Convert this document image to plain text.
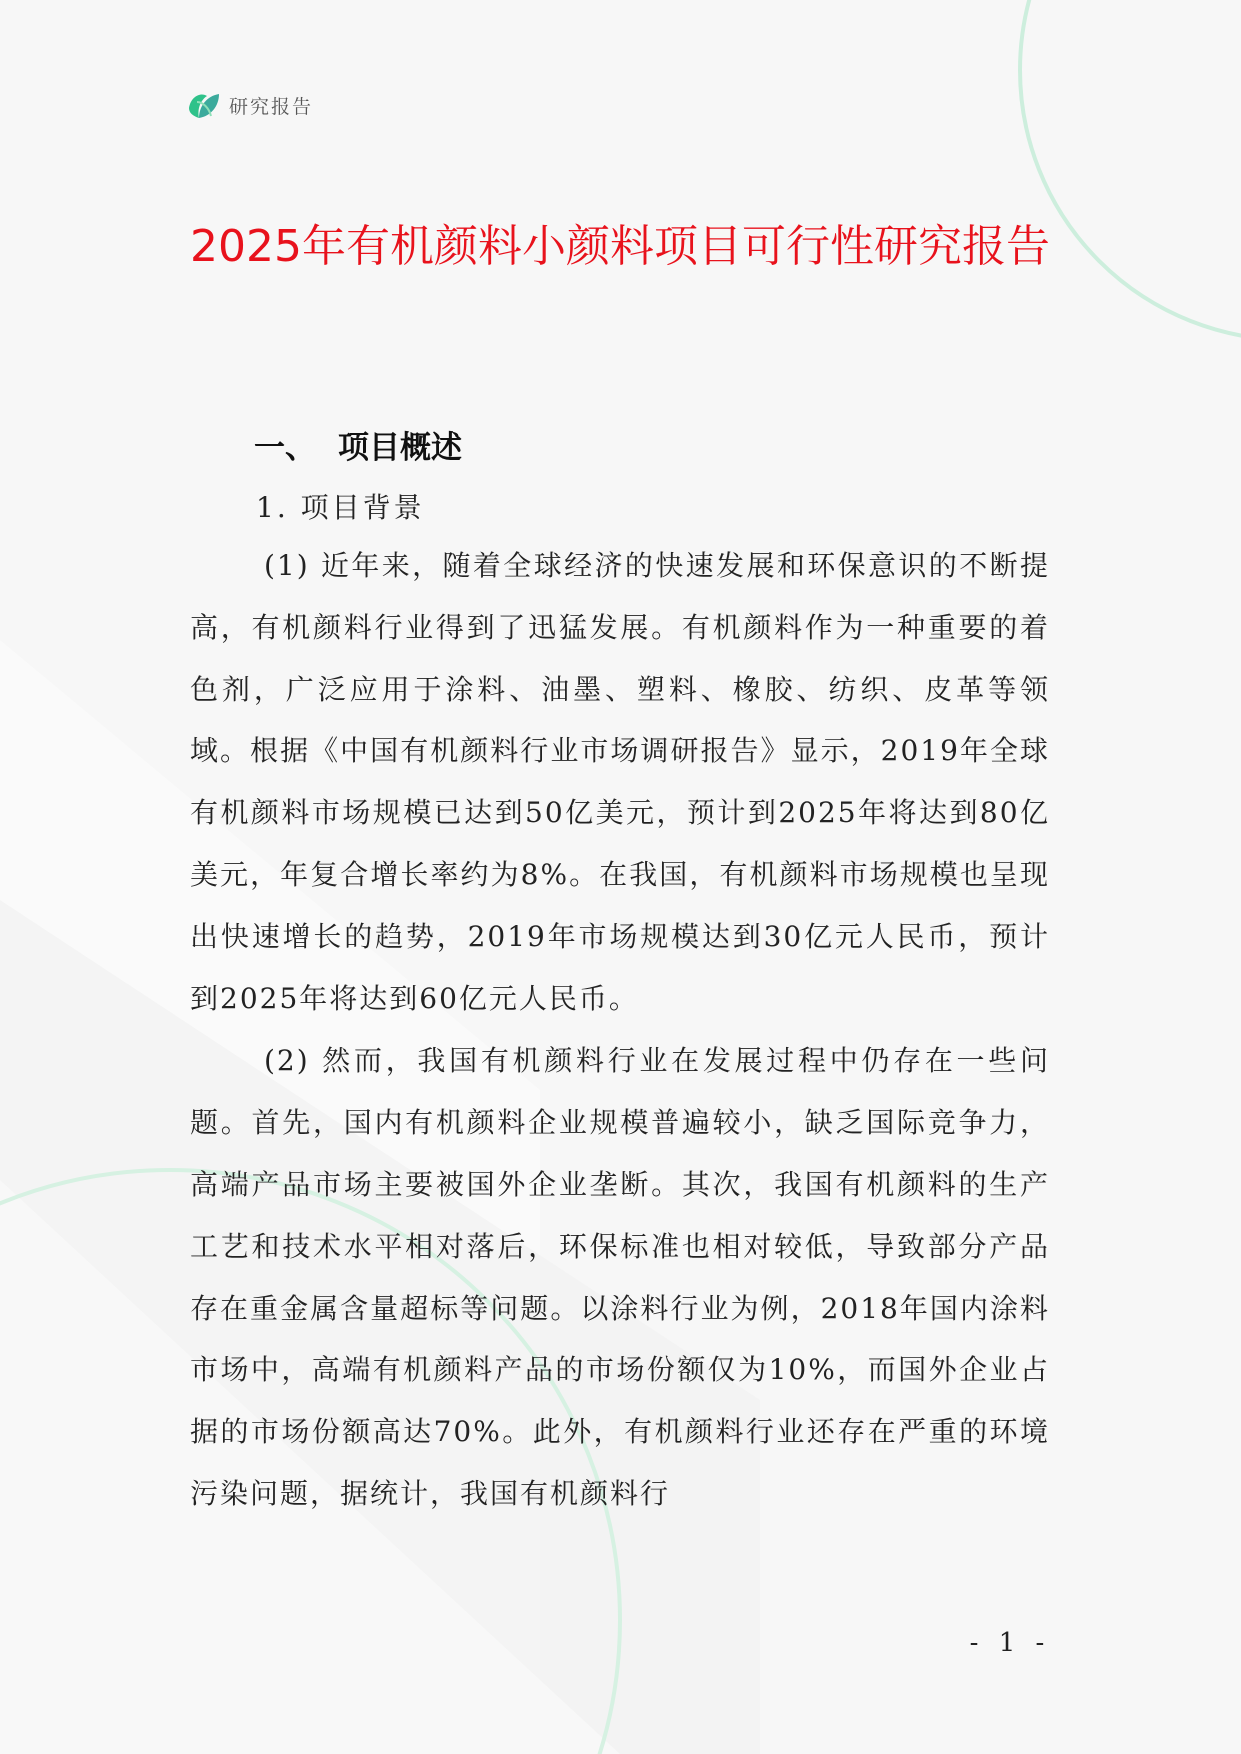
研究报告
2025年有机颜料小颜料项目可行性研究报告
一、 项目概述
1. 项目背景

(1) 近年来，随着全球经济的快速发展和环保意识的不断提高，有机颜料行业得到了迅猛发展。有机颜料作为一种重要的着色剂，广泛应用于涂料、油墨、塑料、橡胶、纺织、皮革等领域。根据《中国有机颜料行业市场调研报告》显示，2019年全球有机颜料市场规模已达到50亿美元，预计到2025年将达到80亿美元，年复合增长率约为8%。在我国，有机颜料市场规模也呈现出快速增长的趋势，2019年市场规模达到30亿元人民币，预计到2025年将达到60亿元人民币。

(2) 然而，我国有机颜料行业在发展过程中仍存在一些问题。首先，国内有机颜料企业规模普遍较小，缺乏国际竞争力，高端产品市场主要被国外企业垄断。其次，我国有机颜料的生产工艺和技术水平相对落后，环保标准也相对较低，导致部分产品存在重金属含量超标等问题。以涂料行业为例，2018年国内涂料市场中，高端有机颜料产品的市场份额仅为10%，而国外企业占据的市场份额高达70%。此外，有机颜料行业还存在严重的环境污染问题，据统计，我国有机颜料行

- 1 -
